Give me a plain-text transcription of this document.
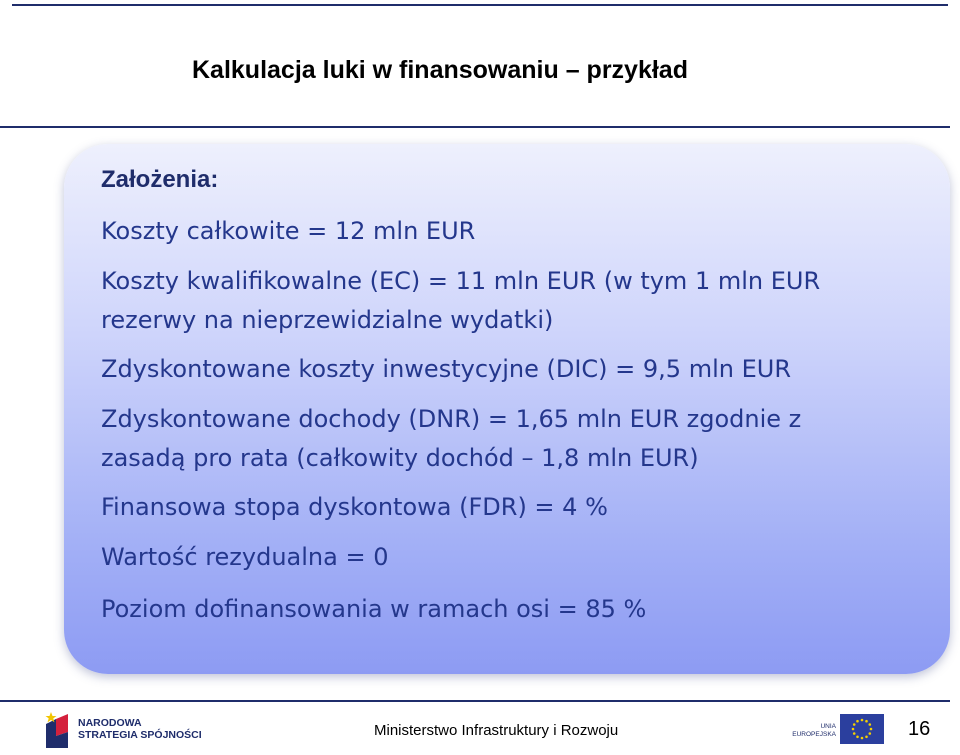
Kalkulacja luki w finansowaniu – przykład
Założenia:
Koszty całkowite = 12 mln EUR
Koszty kwalifikowalne (EC) = 11 mln EUR (w tym 1 mln EUR
rezerwy na nieprzewidzialne wydatki)
Zdyskontowane koszty inwestycyjne (DIC) = 9,5 mln EUR
Zdyskontowane dochody (DNR) = 1,65 mln EUR zgodnie z
zasadą pro rata (całkowity dochód – 1,8 mln EUR)
Finansowa stopa dyskontowa (FDR) = 4 %
Wartość rezydualna = 0
Poziom dofinansowania w ramach osi = 85 %
NARODOWA
STRATEGIA SPÓJNOŚCI	Ministerstwo Infrastruktury i Rozwoju	UNIA
EUROPEJSKA	16
